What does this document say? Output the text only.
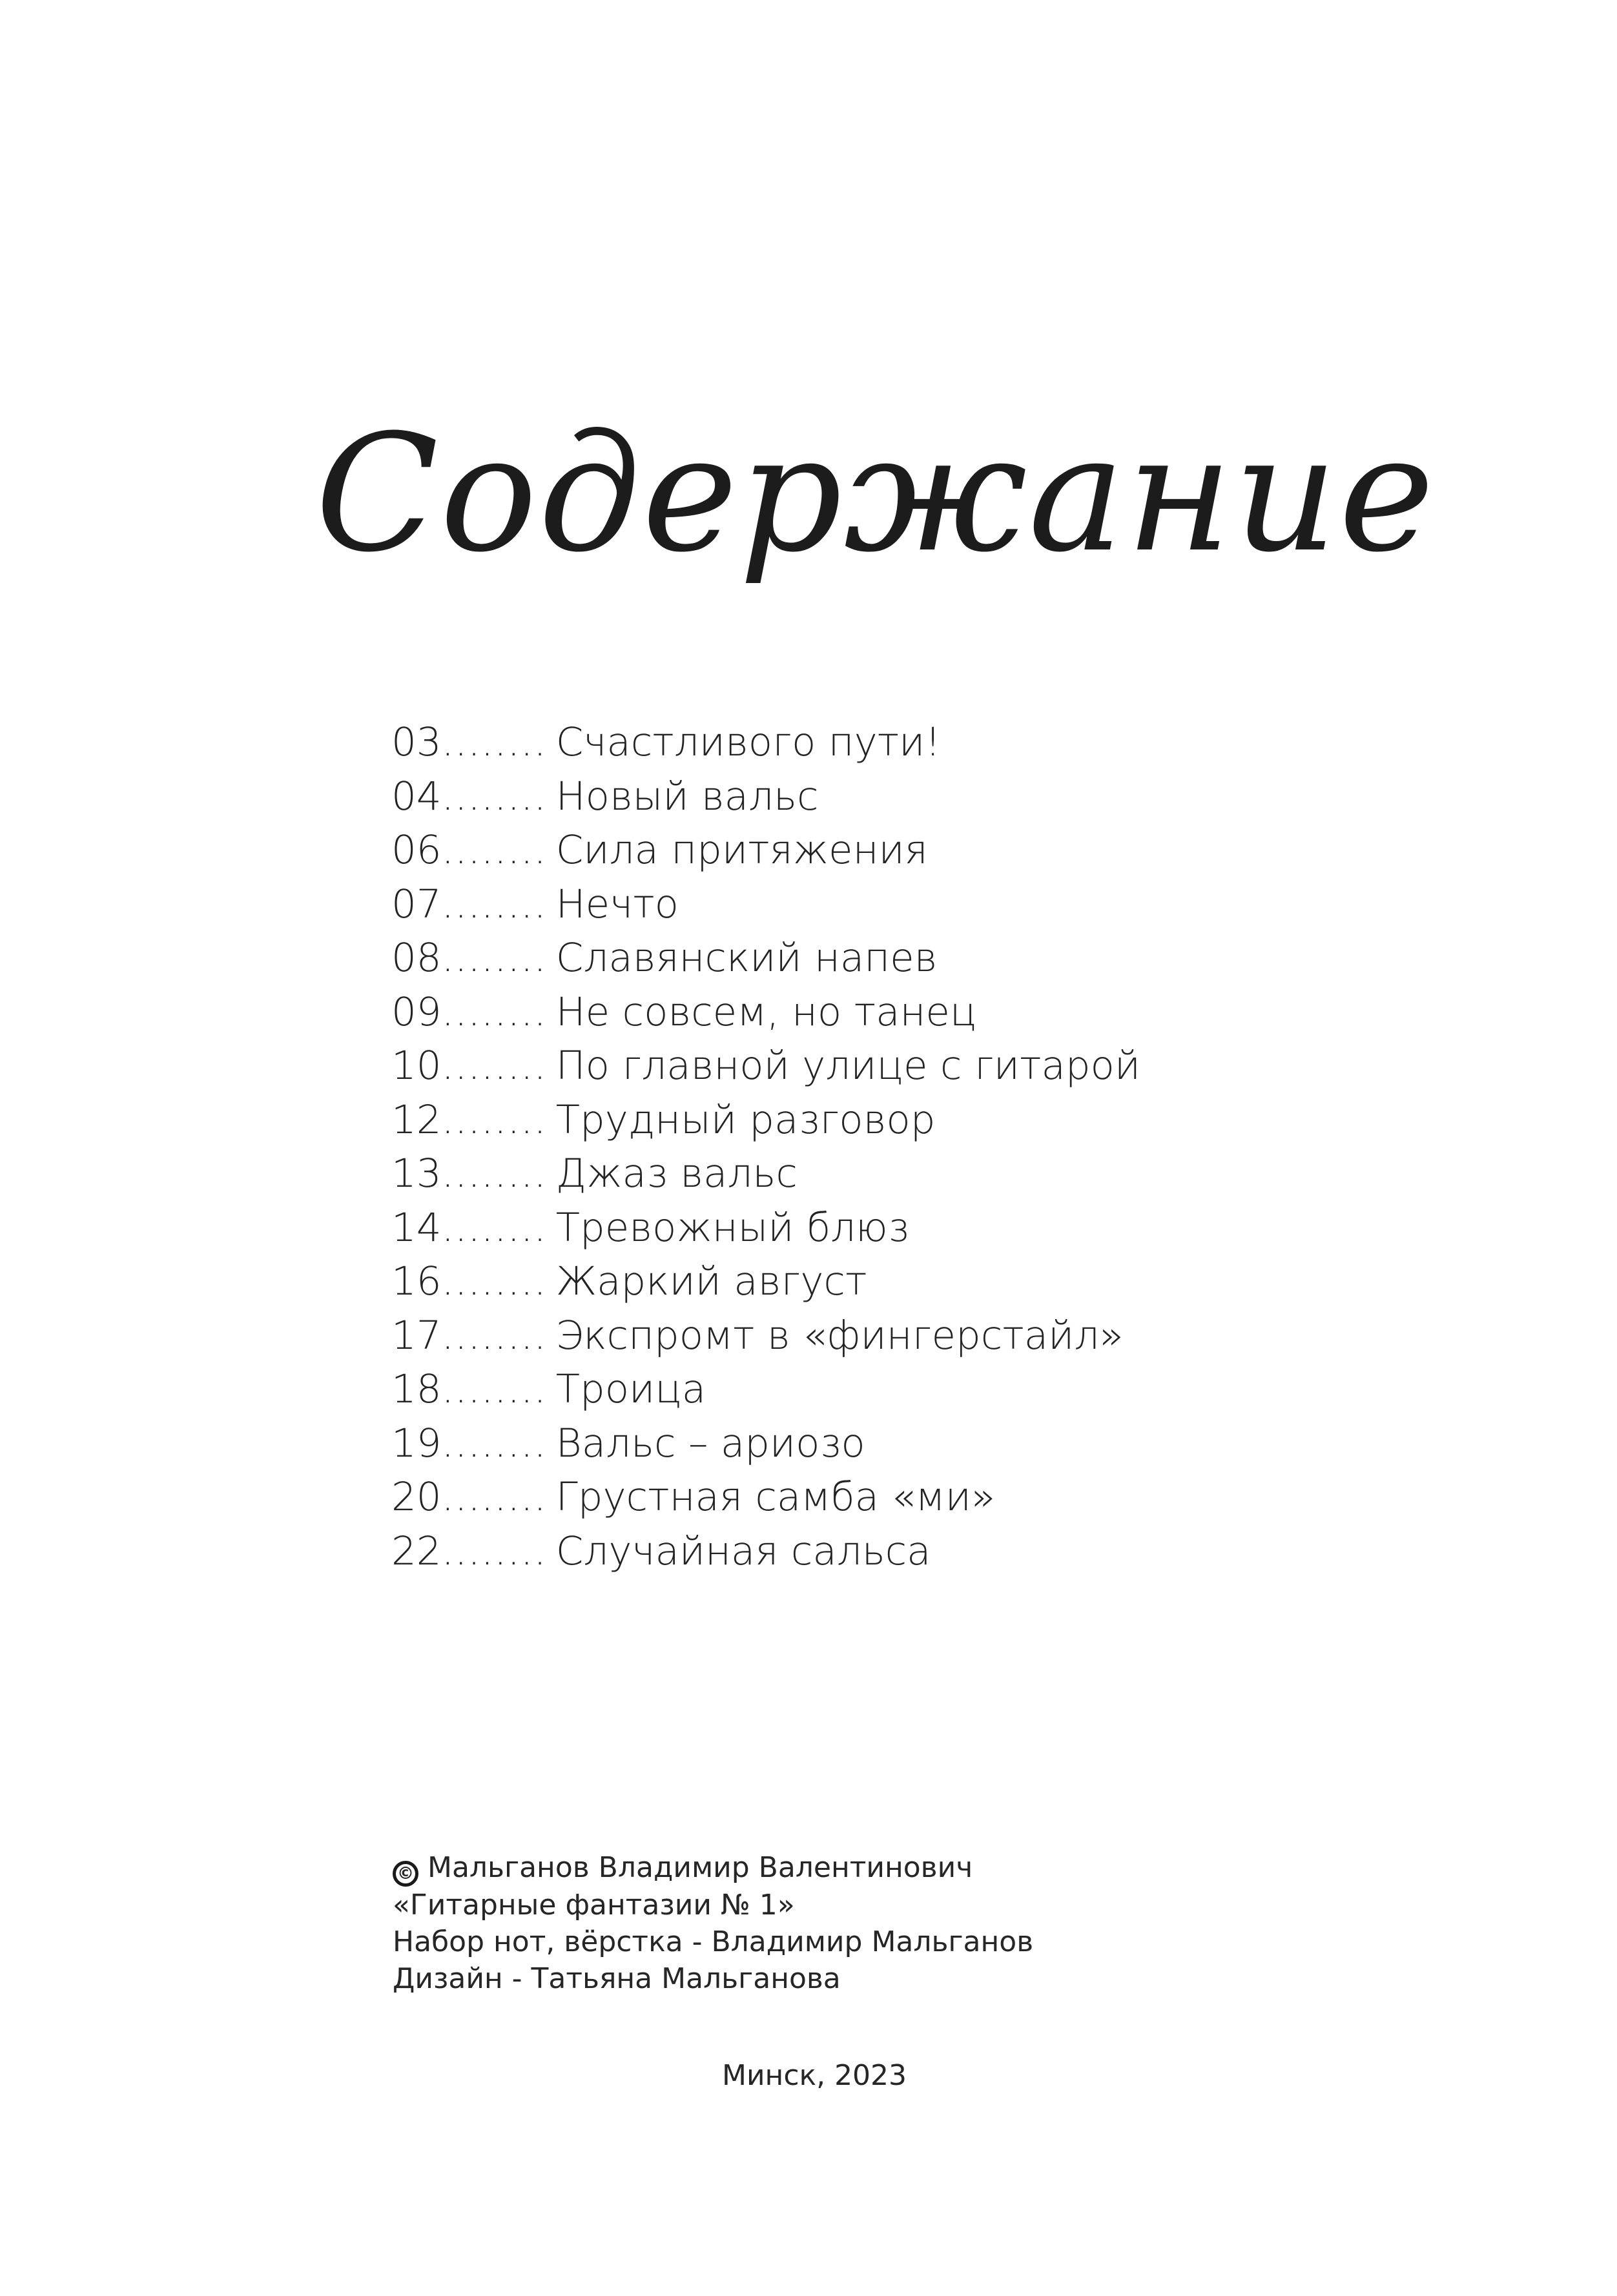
Содержание
03 ........ Счастливого пути!
04 ........ Новый вальс
06 ........ Сила притяжения
07 ........ Нечто
08 ........ Славянский напев
09 ........ Не совсем, но танец
10 ........ По главной улице с гитарой
12 ........ Трудный разговор
13 ........ Джаз вальс
14 ........ Тревожный блюз
16 ........ Жаркий август
17 ........ Экспромт в «фингерстайл»
18 ........ Троица
19 ........ Вальс – ариозо
20 ........ Грустная самба «ми»
22 ........ Случайная сальса
© Мальганов Владимир Валентинович
«Гитарные фантазии № 1»
Набор нот, вёрстка - Владимир Мальганов
Дизайн - Татьяна Мальганова
Минск, 2023
